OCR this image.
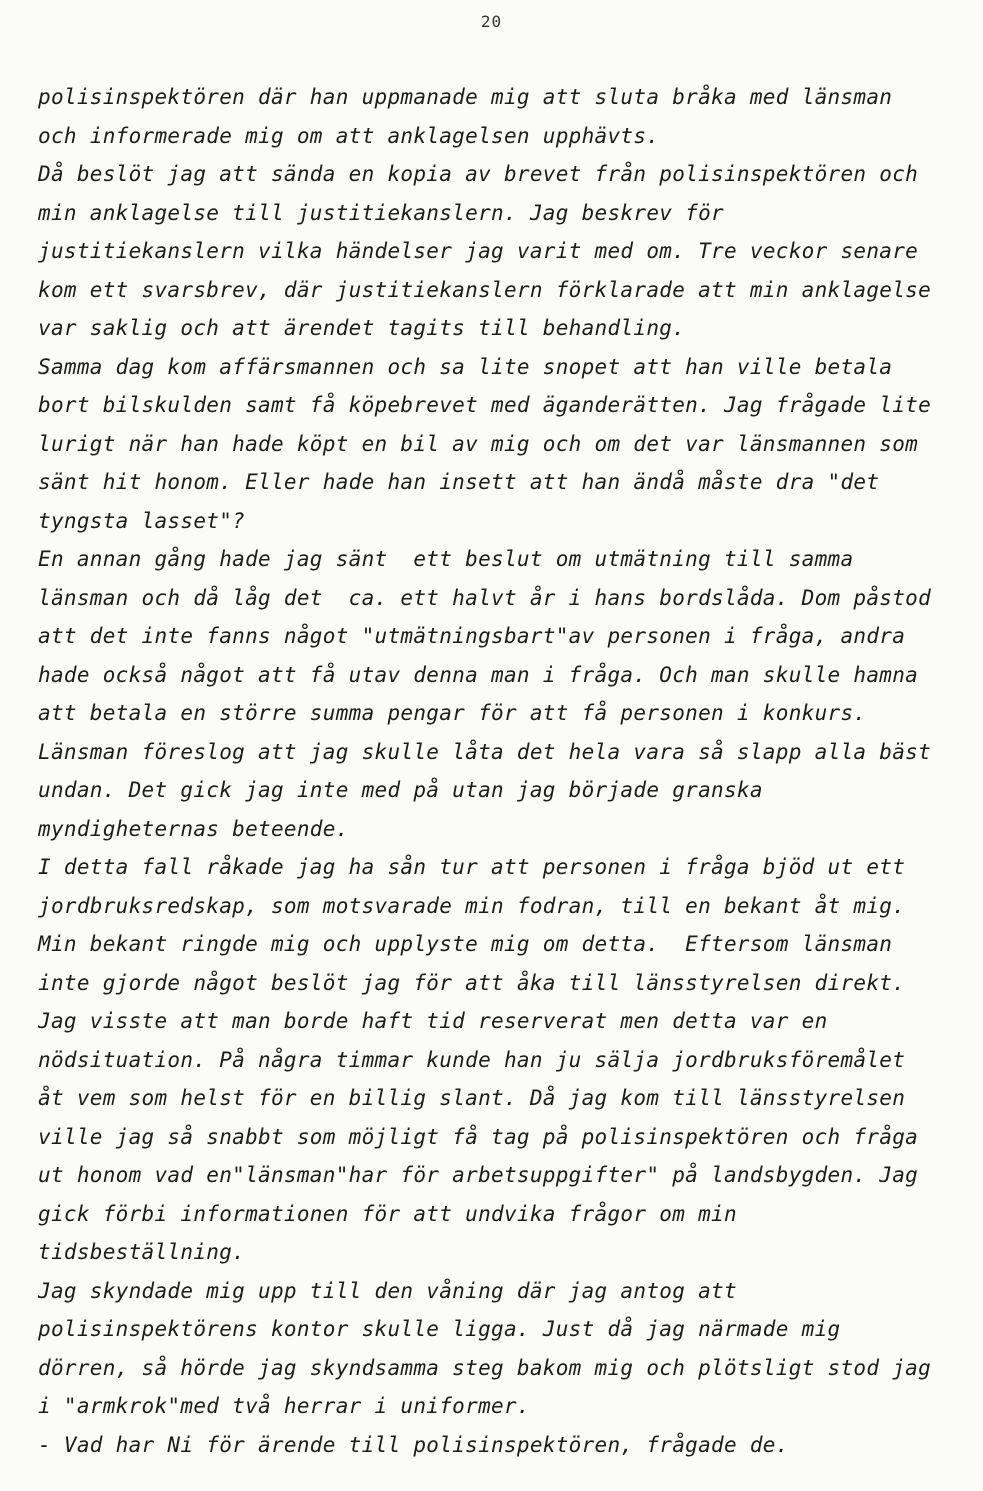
20
polisinspektören där han uppmanade mig att sluta bråka med länsman
och informerade mig om att anklagelsen upphävts.
Då beslöt jag att sända en kopia av brevet från polisinspektören och
min anklagelse till justitiekanslern. Jag beskrev för
justitiekanslern vilka händelser jag varit med om. Tre veckor senare
kom ett svarsbrev, där justitiekanslern förklarade att min anklagelse
var saklig och att ärendet tagits till behandling.
Samma dag kom affärsmannen och sa lite snopet att han ville betala
bort bilskulden samt få köpebrevet med äganderätten. Jag frågade lite
lurigt när han hade köpt en bil av mig och om det var länsmannen som
sänt hit honom. Eller hade han insett att han ändå måste dra "det
tyngsta lasset"?
En annan gång hade jag sänt  ett beslut om utmätning till samma
länsman och då låg det  ca. ett halvt år i hans bordslåda. Dom påstod
att det inte fanns något "utmätningsbart"av personen i fråga, andra
hade också något att få utav denna man i fråga. Och man skulle hamna
att betala en större summa pengar för att få personen i konkurs.
Länsman föreslog att jag skulle låta det hela vara så slapp alla bäst
undan. Det gick jag inte med på utan jag började granska
myndigheternas beteende.
I detta fall råkade jag ha sån tur att personen i fråga bjöd ut ett
jordbruksredskap, som motsvarade min fodran, till en bekant åt mig.
Min bekant ringde mig och upplyste mig om detta.  Eftersom länsman
inte gjorde något beslöt jag för att åka till länsstyrelsen direkt.
Jag visste att man borde haft tid reserverat men detta var en
nödsituation. På några timmar kunde han ju sälja jordbruksföremålet
åt vem som helst för en billig slant. Då jag kom till länsstyrelsen
ville jag så snabbt som möjligt få tag på polisinspektören och fråga
ut honom vad en"länsman"har för arbetsuppgifter" på landsbygden. Jag
gick förbi informationen för att undvika frågor om min
tidsbeställning.
Jag skyndade mig upp till den våning där jag antog att
polisinspektörens kontor skulle ligga. Just då jag närmade mig
dörren, så hörde jag skyndsamma steg bakom mig och plötsligt stod jag
i "armkrok"med två herrar i uniformer.
- Vad har Ni för ärende till polisinspektören, frågade de.
